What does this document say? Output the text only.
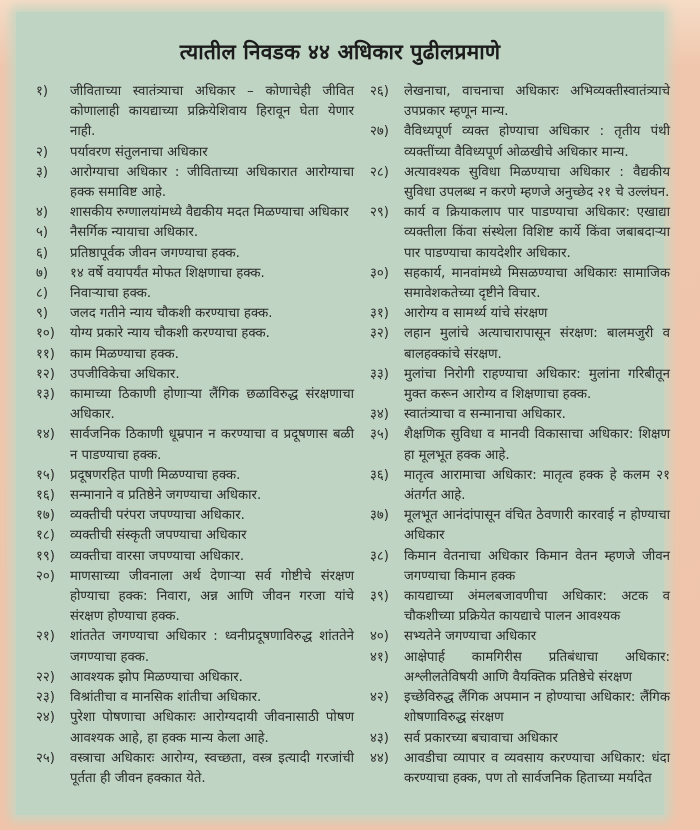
त्यातील निवडक ४४ अधिकार पुढीलप्रमाणे
१)	जीविताच्या स्वातंत्र्याचा अधिकार – कोणाचेही जीवित कोणालाही कायद्याच्या प्रक्रियेशिवाय हिरावून घेता येणार नाही.
२)	पर्यावरण संतुलनाचा अधिकार
३)	आरोग्याचा अधिकार : जीविताच्या अधिकारात आरोग्याचा हक्क समाविष्ट आहे.
४)	शासकीय रुग्णालयांमध्ये वैद्यकीय मदत मिळण्याचा अधिकार
५)	नैसर्गिक न्यायाचा अधिकार.
६)	प्रतिष्ठापूर्वक जीवन जगण्याचा हक्क.
७)	१४ वर्षे वयापर्यंत मोफत शिक्षणाचा हक्क.
८)	निवाऱ्याचा हक्क.
९)	जलद गतीने न्याय चौकशी करण्याचा हक्क.
१०)	योग्य प्रकारे न्याय चौकशी करण्याचा हक्क.
११)	काम मिळण्याचा हक्क.
१२)	उपजीविकेचा अधिकार.
१३)	कामाच्या ठिकाणी होणाऱ्या लैंगिक छळाविरुद्ध संरक्षणाचा अधिकार.
१४)	सार्वजनिक ठिकाणी धूम्रपान न करण्याचा व प्रदूषणास बळी न पाडण्याचा हक्क.
१५)	प्रदूषणरहित पाणी मिळण्याचा हक्क.
१६)	सन्मानाने व प्रतिष्ठेने जगण्याचा अधिकार.
१७)	व्यक्तीची परंपरा जपण्याचा अधिकार.
१८)	व्यक्तीची संस्कृती जपण्याचा अधिकार
१९)	व्यक्तीचा वारसा जपण्याचा अधिकार.
२०)	माणसाच्या जीवनाला अर्थ देणाऱ्या सर्व गोष्टीचे संरक्षण होण्याचा हक्क: निवारा, अन्न आणि जीवन गरजा यांचे संरक्षण होण्याचा हक्क.
२१)	शांततेत जगण्याचा अधिकार : ध्वनीप्रदूषणाविरुद्ध शांततेने जगण्याचा हक्क.
२२)	आवश्यक झोप मिळण्याचा अधिकार.
२३)	विश्रांतीचा व मानसिक शांतीचा अधिकार.
२४)	पुरेशा पोषणाचा अधिकारः आरोग्यदायी जीवनासाठी पोषण आवश्यक आहे, हा हक्क मान्य केला आहे.
२५)	वस्त्राचा अधिकारः आरोग्य, स्वच्छता, वस्त्र इत्यादी गरजांची पूर्तता ही जीवन हक्कात येते.
२६)	लेखनाचा, वाचनाचा अधिकारः अभिव्यक्तीस्वातंत्र्याचे उपप्रकार म्हणून मान्य.
२७)	वैविध्यपूर्ण व्यक्त होण्याचा अधिकार : तृतीय पंथी व्यक्तींच्या वैविध्यपूर्ण ओळखीचे अधिकार मान्य.
२८)	अत्यावश्यक सुविधा मिळण्याचा अधिकार : वैद्यकीय सुविधा उपलब्ध न करणे म्हणजे अनुच्छेद २१ चे उल्लंघन.
२९)	कार्य व क्रियाकलाप पार पाडण्याचा अधिकार: एखाद्या व्यक्तीला किंवा संस्थेला विशिष्ट कार्ये किंवा जबाबदाऱ्या पार पाडण्याचा कायदेशीर अधिकार.
३०)	सहकार्य, मानवांमध्ये मिसळण्याचा अधिकारः सामाजिक समावेशकतेच्या दृष्टीने विचार.
३१)	आरोग्य व सामर्थ्य यांचे संरक्षण
३२)	लहान मुलांचे अत्याचारापासून संरक्षण: बालमजुरी व बालहक्कांचे संरक्षण.
३३)	मुलांचा निरोगी राहण्याचा अधिकार: मुलांना गरिबीतून मुक्त करून आरोग्य व शिक्षणाचा हक्क.
३४)	स्वातंत्र्याचा व सन्मानाचा अधिकार.
३५)	शैक्षणिक सुविधा व मानवी विकासाचा अधिकार: शिक्षण हा मूलभूत हक्क आहे.
३६)	मातृत्व आरामाचा अधिकार: मातृत्व हक्क हे कलम २१ अंतर्गत आहे.
३७)	मूलभूत आनंदांपासून वंचित ठेवणारी कारवाई न होण्याचा अधिकार
३८)	किमान वेतनाचा अधिकार किमान वेतन म्हणजे जीवन जगण्याचा किमान हक्क
३९)	कायद्याच्या अंमलबजावणीचा अधिकार: अटक व चौकशीच्या प्रक्रियेत कायद्याचे पालन आवश्यक
४०)	सभ्यतेने जगण्याचा अधिकार
४१)	आक्षेपार्ह कामगिरीस प्रतिबंधाचा अधिकार: अश्लीलतेविषयी आणि वैयक्तिक प्रतिष्ठेचे संरक्षण
४२)	इच्छेविरुद्ध लैंगिक अपमान न होण्याचा अधिकार: लैंगिक शोषणाविरुद्ध संरक्षण
४३)	सर्व प्रकारच्या बचावाचा अधिकार
४४)	आवडीचा व्यापार व व्यवसाय करण्याचा अधिकार: धंदा करण्याचा हक्क, पण तो सार्वजनिक हिताच्या मर्यादेत
